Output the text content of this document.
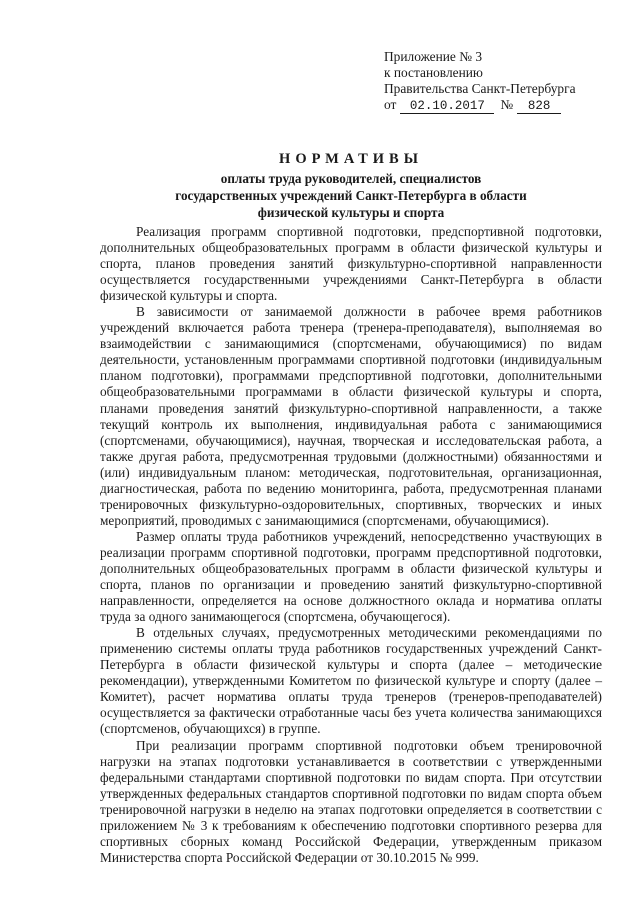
Приложение № 3
к постановлению
Правительства Санкт-Петербурга
от 02.10.2017 № 828
НОРМАТИВЫ
оплаты труда руководителей, специалистов
государственных учреждений Санкт-Петербурга в области
физической культуры и спорта

Реализация программ спортивной подготовки, предспортивной подготовки, дополнительных общеобразовательных программ в области физической культуры и спорта, планов проведения занятий физкультурно-спортивной направленности осуществляется государственными учреждениями Санкт-Петербурга в области физической культуры и спорта.

В зависимости от занимаемой должности в рабочее время работников учреждений включается работа тренера (тренера-преподавателя), выполняемая во взаимодействии с занимающимися (спортсменами, обучающимися) по видам деятельности, установленным программами спортивной подготовки (индивидуальным планом подготовки), программами предспортивной подготовки, дополнительными общеобразовательными программами в области физической культуры и спорта, планами проведения занятий физкультурно-спортивной направленности, а также текущий контроль их выполнения, индивидуальная работа с занимающимися (спортсменами, обучающимися), научная, творческая и исследовательская работа, а также другая работа, предусмотренная трудовыми (должностными) обязанностями и (или) индивидуальным планом: методическая, подготовительная, организационная, диагностическая, работа по ведению мониторинга, работа, предусмотренная планами тренировочных физкультурно-оздоровительных, спортивных, творческих и иных мероприятий, проводимых с занимающимися (спортсменами, обучающимися).

Размер оплаты труда работников учреждений, непосредственно участвующих в реализации программ спортивной подготовки, программ предспортивной подготовки, дополнительных общеобразовательных программ в области физической культуры и спорта, планов по организации и проведению занятий физкультурно-спортивной направленности, определяется на основе должностного оклада и норматива оплаты труда за одного занимающегося (спортсмена, обучающегося).

В отдельных случаях, предусмотренных методическими рекомендациями по применению системы оплаты труда работников государственных учреждений Санкт-Петербурга в области физической культуры и спорта (далее – методические рекомендации), утвержденными Комитетом по физической культуре и спорту (далее – Комитет), расчет норматива оплаты труда тренеров (тренеров-преподавателей) осуществляется за фактически отработанные часы без учета количества занимающихся (спортсменов, обучающихся) в группе.

При реализации программ спортивной подготовки объем тренировочной нагрузки на этапах подготовки устанавливается в соответствии с утвержденными федеральными стандартами спортивной подготовки по видам спорта. При отсутствии утвержденных федеральных стандартов спортивной подготовки по видам спорта объем тренировочной нагрузки в неделю на этапах подготовки определяется в соответствии с приложением № 3 к требованиям к обеспечению подготовки спортивного резерва для спортивных сборных команд Российской Федерации, утвержденным приказом Министерства спорта Российской Федерации от 30.10.2015 № 999.
